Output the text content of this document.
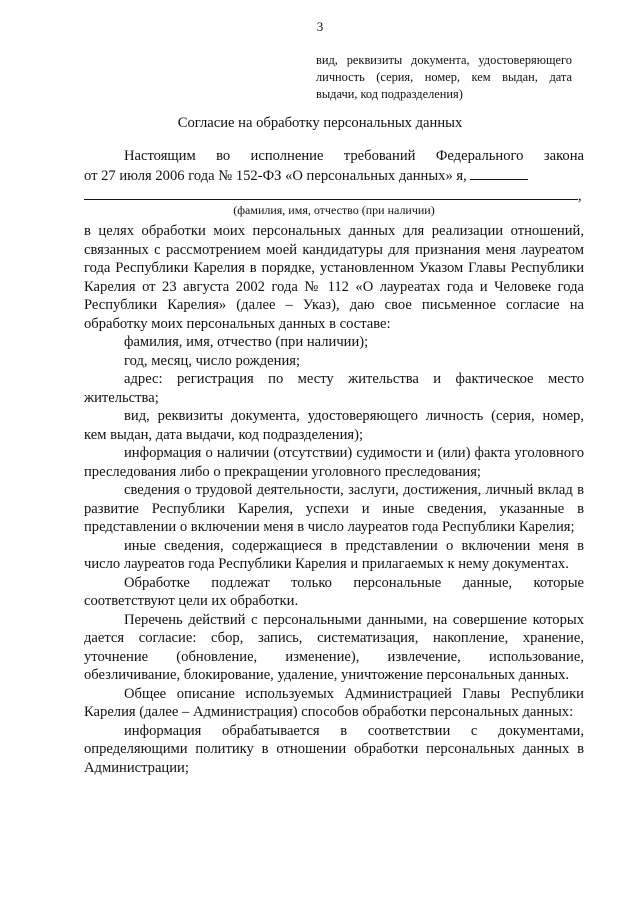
3
вид, реквизиты документа, удостоверяющего личность (серия, номер, кем выдан, дата выдачи, код подразделения)
Согласие на обработку персональных данных

Настоящим во исполнение требований Федерального закона

от 27 июля 2006 года № 152-ФЗ «О персональных данных» я,

,

(фамилия, имя, отчество (при наличии)

в целях обработки моих персональных данных для реализации отношений, связанных с рассмотрением моей кандидатуры для признания меня лауреатом года Республики Карелия в порядке, установленном Указом Главы Республики Карелия от 23 августа 2002 года № 112 «О лауреатах года и Человеке года Республики Карелия» (далее – Указ), даю свое письменное согласие на обработку моих персональных данных в составе:

фамилия, имя, отчество (при наличии);

год, месяц, число рождения;

адрес: регистрация по месту жительства и фактическое место жительства;

вид, реквизиты документа, удостоверяющего личность (серия, номер, кем выдан, дата выдачи, код подразделения);

информация о наличии (отсутствии) судимости и (или) факта уголовного преследования либо о прекращении уголовного преследования;

сведения о трудовой деятельности, заслуги, достижения, личный вклад в развитие Республики Карелия, успехи и иные сведения, указанные в представлении о включении меня в число лауреатов года Республики Карелия;

иные сведения, содержащиеся в представлении о включении меня в число лауреатов года Республики Карелия и прилагаемых к нему документах.

Обработке подлежат только персональные данные, которые соответствуют цели их обработки.

Перечень действий с персональными данными, на совершение которых дается согласие: сбор, запись, систематизация, накопление, хранение, уточнение (обновление, изменение), извлечение, использование, обезличивание, блокирование, удаление, уничтожение персональных данных.

Общее описание используемых Администрацией Главы Республики Карелия (далее – Администрация) способов обработки персональных данных:

информация обрабатывается в соответствии с документами, определяющими политику в отношении обработки персональных данных в Администрации;
